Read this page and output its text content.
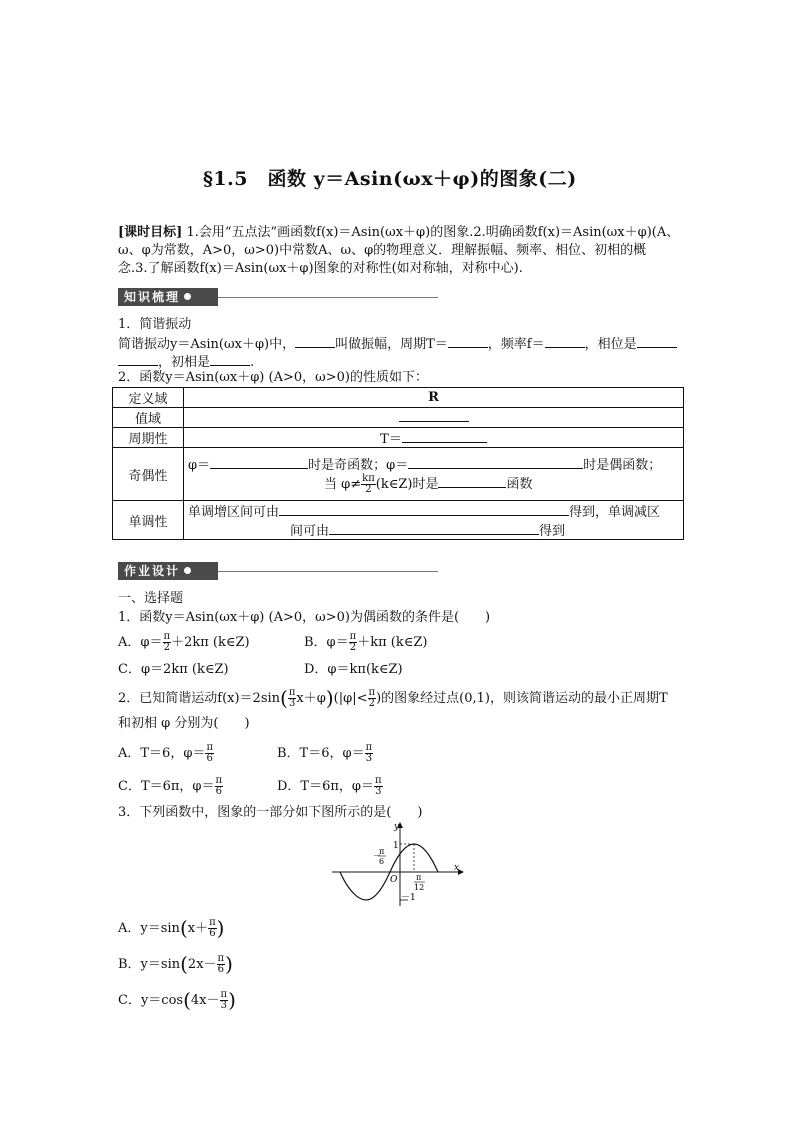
§1.5　函数 y＝Asin(ωx＋φ)的图象(二)
[课时目标] 1.会用“五点法”画函数f(x)＝Asin(ωx＋φ)的图象.2.明确函数f(x)＝Asin(ωx＋φ)(A、
ω、φ为常数，A>0，ω>0)中常数A、ω、φ的物理意义．理解振幅、频率、相位、初相的概
念.3.了解函数f(x)＝Asin(ωx＋φ)图象的对称性(如对称轴，对称中心).
知识梳理
1．简谐振动
简谐振动y＝Asin(ωx＋φ)中，	叫做振幅，周期T＝	，频率f＝	，相位是
，初相是	.
2．函数y＝Asin(ωx＋φ) (A>0，ω>0)的性质如下：
定义域	R
值域	
周期性	T＝
奇偶性	φ＝ 时是奇函数；φ＝ 时是偶函数；
当 $\varphi\ne \frac{k\pi}{2}$ (k∈Z)时是 函数

单调性	单调增区间可由 得到，单调减区
间可由 得到
作业设计
一、选择题
1．函数y＝Asin(ωx＋φ) (A>0，ω>0)为偶函数的条件是(　　)
A．$\varphi= \frac{\pi}{2} +2k\pi$ (k∈Z)	B．$\varphi= \frac{\pi}{2} +k\pi$ (k∈Z)
C．φ＝2kπ (k∈Z)	D．φ＝kπ(k∈Z)
2．已知简谐运动$f(x)=2\sin( \frac{\pi}{3} x+\varphi)(|\varphi|< \frac{\pi}{2}$ )的图象经过点(0,1)，则该简谐运动的最小正周期T
和初相 φ 分别为(　　)
A．T＝6，$\varphi= \frac{\pi}{6}$	B．T＝6，$\varphi= \frac{\pi}{3}$
C．T＝6π，$\varphi= \frac{\pi}{6}$	D．T＝6π，$\varphi= \frac{\pi}{3}$
3．下列函数中，图象的一部分如下图所示的是(　　)
y
x
O
1
－1
－
π
6
π
12
A．$y=\sin(x+ \frac{\pi}{6}$ )
B．$y=\sin(2x- \frac{\pi}{6}$ )
C．$y=\cos(4x- \frac{\pi}{3}$ )
